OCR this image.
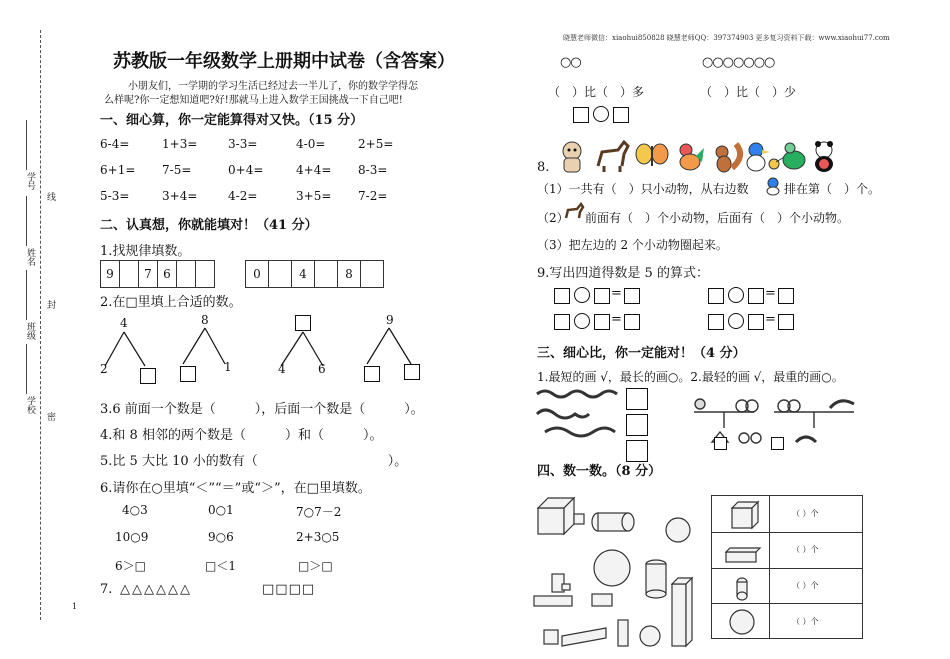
学号
线
姓名
封
班级
学校
密
1
晓慧老师微信：xiaohui850828 晓慧老师QQ：397374903 更多复习资料下载：www.xiaohui77.com
苏教版一年级数学上册期中试卷（含答案）
小朋友们，一学期的学习生活已经过去一半儿了，你的数学学得怎
么样呢?你一定想知道吧?好!那就马上进入数学王国挑战一下自己吧!
一、细心算，你一定能算得对又快。（15 分）
6-4=	1+3=	3-3=	4-0=	2+5=
6+1= 7-5=	0+4=	4+4= 8-3=
5-3=	3+4=	4-2=	3+5= 7-2=
二、认真想，你就能填对！（41 分）
1.找规律填数。
9	7 6	0	4	8
2.在□里填上合适的数。
4
2
8
1	4	6
9
3.6 前面一个数是（　　　），后面一个数是（　　　）。
4.和 8 相邻的两个数是（　　　）和（　　　）。
5.比 5 大比 10 小的数有（　　　　　　　　　　）。
6.请你在○里填“＜”“＝”或“＞”，在□里填数。
4○3	0○1	7○7－2
10○9	9○6	2+3○5
6＞□	□＜1	□＞□
7. △△△△△△	□□□□
○○	○○○○○○○
（　）比（　）多	（　）比（　）少
8.
（1）一共有（　）只小动物，从右边数	排在第（　）个。
（2） 前面有（　）个小动物，后面有（　）个小动物。
（3）把左边的 2 个小动物圈起来。
9.写出四道得数是 5 的算式：
=	=
=	=
三、细心比，你一定能对！（4 分）
1.最短的画 √，最长的画○。2.最轻的画 √，最重的画○。
四、数一数。（8 分）
（ ）个
（ ）个
（ ）个
（ ）个
